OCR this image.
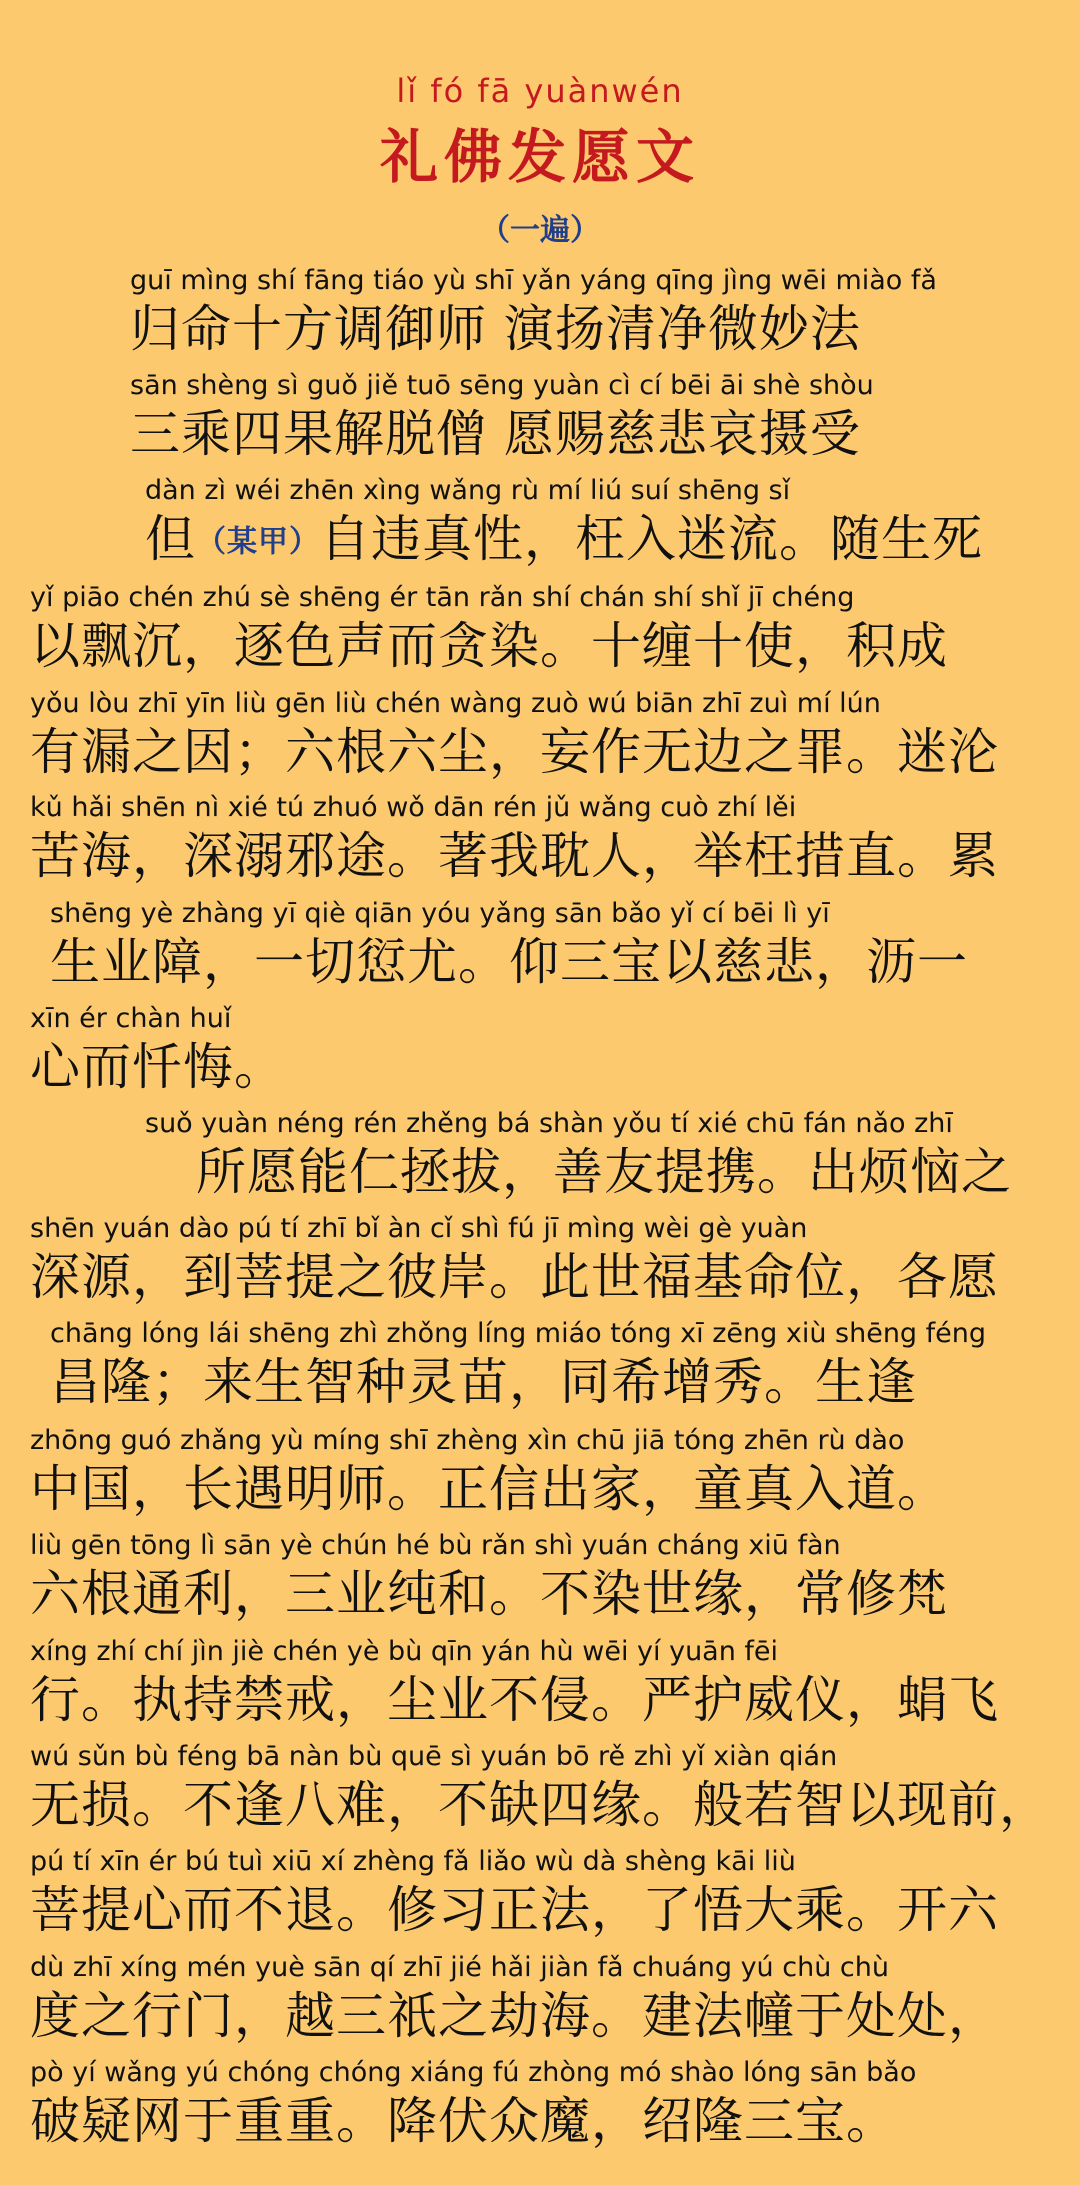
lǐ fó fā yuànwén
礼佛发愿文
（一遍）
guī mìng shí fāng tiáo yù shī yǎn yáng qīng jìng wēi miào fǎ
归命十方调御师 演扬清净微妙法
sān shèng sì guǒ jiě tuō sēng yuàn cì cí bēi āi shè shòu
三乘四果解脱僧 愿赐慈悲哀摄受
dàn zì wéi zhēn xìng wǎng rù mí liú suí shēng sǐ
但（某甲）自违真性，枉入迷流。随生死
yǐ piāo chén zhú sè shēng ér tān rǎn shí chán shí shǐ jī chéng
以飘沉，逐色声而贪染。十缠十使，积成
yǒu lòu zhī yīn liù gēn liù chén wàng zuò wú biān zhī zuì mí lún
有漏之因；六根六尘，妄作无边之罪。迷沦
kǔ hǎi shēn nì xié tú zhuó wǒ dān rén jǔ wǎng cuò zhí lěi
苦海，深溺邪途。著我耽人，举枉措直。累
shēng yè zhàng yī qiè qiān yóu yǎng sān bǎo yǐ cí bēi lì yī
生业障，一切愆尤。仰三宝以慈悲，沥一
xīn ér chàn huǐ
心而忏悔。
suǒ yuàn néng rén zhěng bá shàn yǒu tí xié chū fán nǎo zhī
　所愿能仁拯拔，善友提携。出烦恼之
shēn yuán dào pú tí zhī bǐ àn cǐ shì fú jī mìng wèi gè yuàn
深源，到菩提之彼岸。此世福基命位，各愿
chāng lóng lái shēng zhì zhǒng líng miáo tóng xī zēng xiù shēng féng
昌隆；来生智种灵苗，同希增秀。生逢
zhōng guó zhǎng yù míng shī zhèng xìn chū jiā tóng zhēn rù dào
中国，长遇明师。正信出家，童真入道。
liù gēn tōng lì sān yè chún hé bù rǎn shì yuán cháng xiū fàn
六根通利，三业纯和。不染世缘，常修梵
xíng zhí chí jìn jiè chén yè bù qīn yán hù wēi yí yuān fēi
行。执持禁戒，尘业不侵。严护威仪，蜎飞
wú sǔn bù féng bā nàn bù quē sì yuán bō rě zhì yǐ xiàn qián
无损。不逢八难，不缺四缘。般若智以现前，
pú tí xīn ér bú tuì xiū xí zhèng fǎ liǎo wù dà shèng kāi liù
菩提心而不退。修习正法，了悟大乘。开六
dù zhī xíng mén yuè sān qí zhī jié hǎi jiàn fǎ chuáng yú chù chù
度之行门，越三祇之劫海。建法幢于处处，
pò yí wǎng yú chóng chóng xiáng fú zhòng mó shào lóng sān bǎo
破疑网于重重。降伏众魔，绍隆三宝。
